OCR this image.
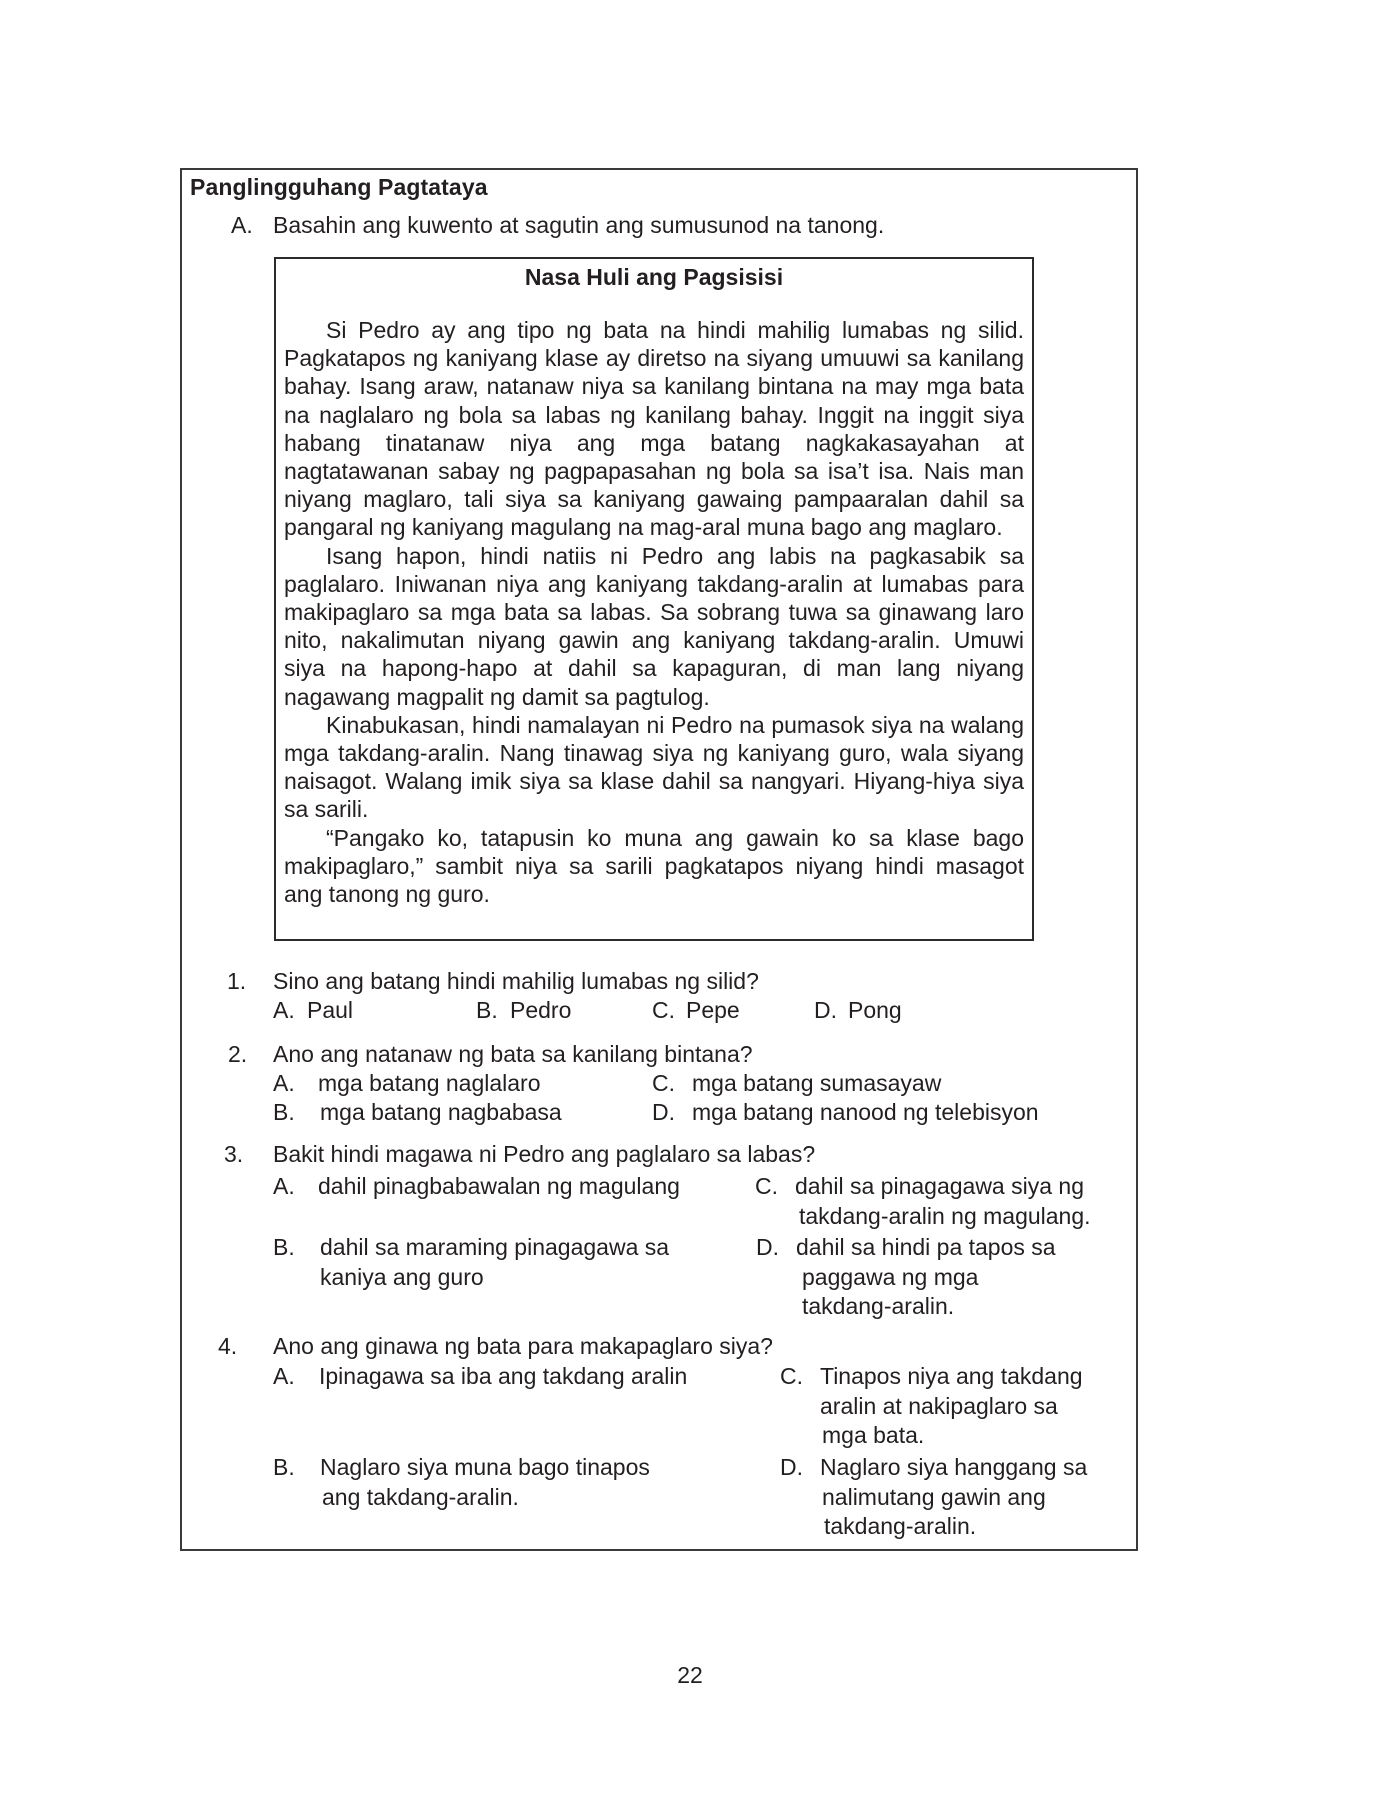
Panglingguhang Pagtataya
A. Basahin ang kuwento at sagutin ang sumusunod na tanong.
Nasa Huli ang Pagsisisi

Si Pedro ay ang tipo ng bata na hindi mahilig lumabas ng silid. Pagkatapos ng kaniyang klase ay diretso na siyang umuuwi sa kanilang bahay. Isang araw, natanaw niya sa kanilang bintana na may mga bata na naglalaro ng bola sa labas ng kanilang bahay. Inggit na inggit siya habang tinatanaw niya ang mga batang nagkakasayahan at nagtatawanan sabay ng pagpapasahan ng bola sa isa’t isa. Nais man niyang maglaro, tali siya sa kaniyang gawaing pampaaralan dahil sa pangaral ng kaniyang magulang na mag-aral muna bago ang maglaro.

Isang hapon, hindi natiis ni Pedro ang labis na pagkasabik sa paglalaro. Iniwanan niya ang kaniyang takdang-aralin at lumabas para makipaglaro sa mga bata sa labas. Sa sobrang tuwa sa ginawang laro nito, nakalimutan niyang gawin ang kaniyang takdang-aralin. Umuwi siya na hapong-hapo at dahil sa kapaguran, di man lang niyang nagawang magpalit ng damit sa pagtulog.

Kinabukasan, hindi namalayan ni Pedro na pumasok siya na walang mga takdang-aralin. Nang tinawag siya ng kaniyang guro, wala siyang naisagot. Walang imik siya sa klase dahil sa nangyari. Hiyang-hiya siya sa sarili.

“Pangako ko, tatapusin ko muna ang gawain ko sa klase bago makipaglaro,” sambit niya sa sarili pagkatapos niyang hindi masagot ang tanong ng guro.

1. Sino ang batang hindi mahilig lumabas ng silid?
A. Paul	B. Pedro	C. Pepe	D. Pong
2. Ano ang natanaw ng bata sa kanilang bintana?
A. mga batang naglalaro
B. mga batang nagbabasa
C. mga batang sumasayaw
D. mga batang nanood ng telebisyon
3. Bakit hindi magawa ni Pedro ang paglalaro sa labas?
A. dahil pinagbabawalan ng magulang
B. dahil sa maraming pinagagawa sa
kaniya ang guro
C. dahil sa pinagagawa siya ng
takdang-aralin ng magulang.
D. dahil sa hindi pa tapos sa
paggawa ng mga
takdang-aralin.
4. Ano ang ginawa ng bata para makapaglaro siya?
A. Ipinagawa sa iba ang takdang aralin
B. Naglaro siya muna bago tinapos
ang takdang-aralin.
C. Tinapos niya ang takdang
aralin at nakipaglaro sa
mga bata.
D. Naglaro siya hanggang sa
nalimutang gawin ang
takdang-aralin.
22
